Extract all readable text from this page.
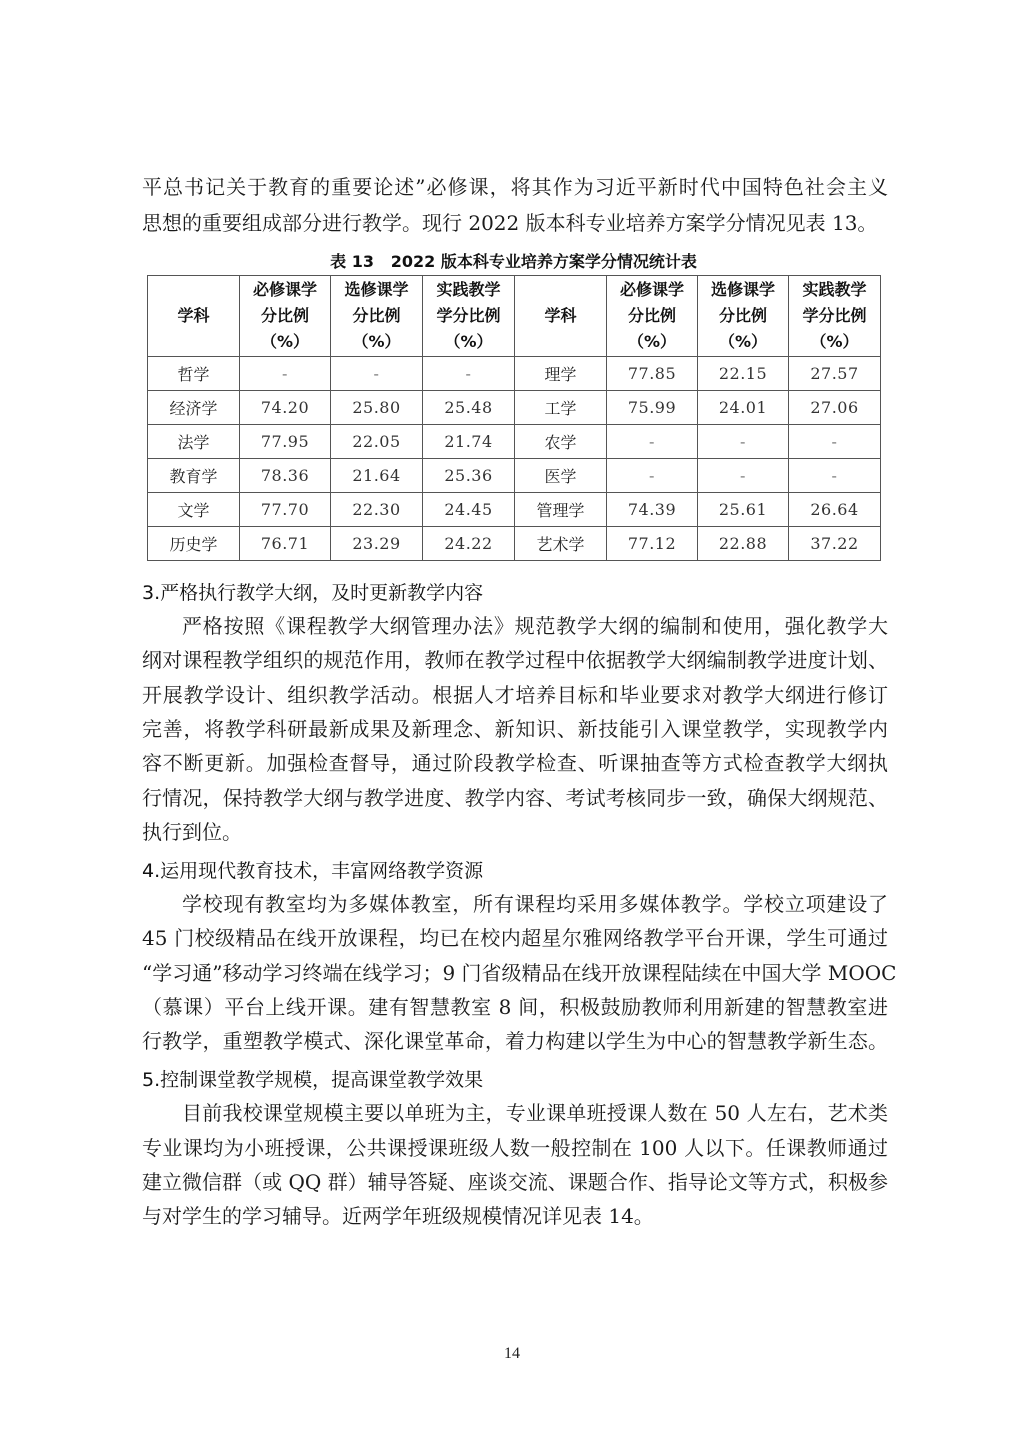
平总书记关于教育的重要论述”必修课，将其作为习近平新时代中国特色社会主义
思想的重要组成部分进行教学。现行 2022 版本科专业培养方案学分情况见表 13。
表 13   2022 版本科专业培养方案学分情况统计表
学科	必修课学
分比例
（%）	选修课学
分比例
（%）	实践教学
学分比例
（%）	学科	必修课学
分比例
（%）	选修课学
分比例
（%）	实践教学
学分比例
（%）
哲学	-	-	-	理学	77.85	22.15	27.57
经济学	74.20	25.80	25.48	工学	75.99	24.01	27.06
法学	77.95	22.05	21.74	农学	-	-	-
教育学	78.36	21.64	25.36	医学	-	-	-
文学	77.70	22.30	24.45	管理学	74.39	25.61	26.64
历史学	76.71	23.29	24.22	艺术学	77.12	22.88	37.22
3.严格执行教学大纲，及时更新教学内容
严格按照《课程教学大纲管理办法》规范教学大纲的编制和使用，强化教学大
纲对课程教学组织的规范作用，教师在教学过程中依据教学大纲编制教学进度计划、
开展教学设计、组织教学活动。根据人才培养目标和毕业要求对教学大纲进行修订
完善，将教学科研最新成果及新理念、新知识、新技能引入课堂教学，实现教学内
容不断更新。加强检查督导，通过阶段教学检查、听课抽查等方式检查教学大纲执
行情况，保持教学大纲与教学进度、教学内容、考试考核同步一致，确保大纲规范、
执行到位。
4.运用现代教育技术，丰富网络教学资源
学校现有教室均为多媒体教室，所有课程均采用多媒体教学。学校立项建设了
45 门校级精品在线开放课程，均已在校内超星尔雅网络教学平台开课，学生可通过
“学习通”移动学习终端在线学习；9 门省级精品在线开放课程陆续在中国大学 MOOC
（慕课）平台上线开课。建有智慧教室 8 间，积极鼓励教师利用新建的智慧教室进
行教学，重塑教学模式、深化课堂革命，着力构建以学生为中心的智慧教学新生态。
5.控制课堂教学规模，提高课堂教学效果
目前我校课堂规模主要以单班为主，专业课单班授课人数在 50 人左右，艺术类
专业课均为小班授课，公共课授课班级人数一般控制在 100 人以下。任课教师通过
建立微信群（或 QQ 群）辅导答疑、座谈交流、课题合作、指导论文等方式，积极参
与对学生的学习辅导。近两学年班级规模情况详见表 14。
14
